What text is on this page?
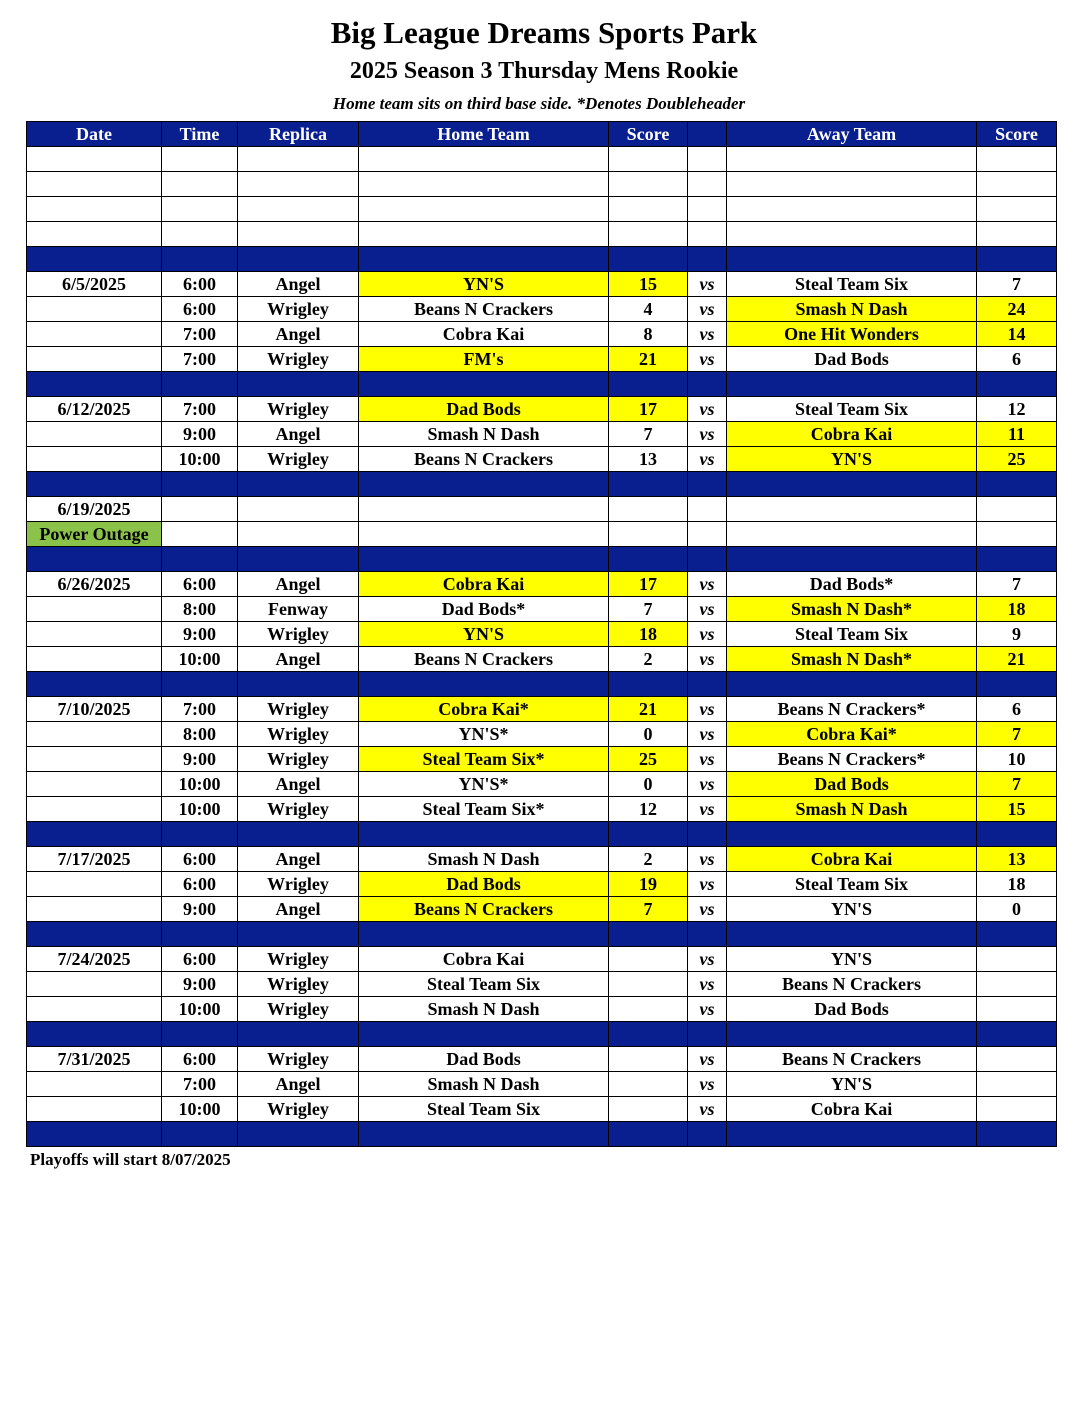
Big League Dreams Sports Park
2025 Season 3 Thursday Mens Rookie
Home team sits on third base side. *Denotes Doubleheader
Date	Time	Replica	Home Team	Score		Away Team	Score

6/5/2025	6:00	Angel	YN'S	15	vs	Steal Team Six	7
	6:00	Wrigley	Beans N Crackers	4	vs	Smash N Dash	24
	7:00	Angel	Cobra Kai	8	vs	One Hit Wonders	14
	7:00	Wrigley	FM's	21	vs	Dad Bods	6

6/12/2025	7:00	Wrigley	Dad Bods	17	vs	Steal Team Six	12
	9:00	Angel	Smash N Dash	7	vs	Cobra Kai	11
	10:00	Wrigley	Beans N Crackers	13	vs	YN'S	25

6/19/2025							
Power Outage							

6/26/2025	6:00	Angel	Cobra Kai	17	vs	Dad Bods*	7
	8:00	Fenway	Dad Bods*	7	vs	Smash N Dash*	18
	9:00	Wrigley	YN'S	18	vs	Steal Team Six	9
	10:00	Angel	Beans N Crackers	2	vs	Smash N Dash*	21

7/10/2025	7:00	Wrigley	Cobra Kai*	21	vs	Beans N Crackers*	6
	8:00	Wrigley	YN'S*	0	vs	Cobra Kai*	7
	9:00	Wrigley	Steal Team Six*	25	vs	Beans N Crackers*	10
	10:00	Angel	YN'S*	0	vs	Dad Bods	7
	10:00	Wrigley	Steal Team Six*	12	vs	Smash N Dash	15

7/17/2025	6:00	Angel	Smash N Dash	2	vs	Cobra Kai	13
	6:00	Wrigley	Dad Bods	19	vs	Steal Team Six	18
	9:00	Angel	Beans N Crackers	7	vs	YN'S	0

7/24/2025	6:00	Wrigley	Cobra Kai		vs	YN'S	
	9:00	Wrigley	Steal Team Six		vs	Beans N Crackers	
	10:00	Wrigley	Smash N Dash		vs	Dad Bods	

7/31/2025	6:00	Wrigley	Dad Bods		vs	Beans N Crackers	
	7:00	Angel	Smash N Dash		vs	YN'S	
	10:00	Wrigley	Steal Team Six		vs	Cobra Kai	

Playoffs will start 8/07/2025
